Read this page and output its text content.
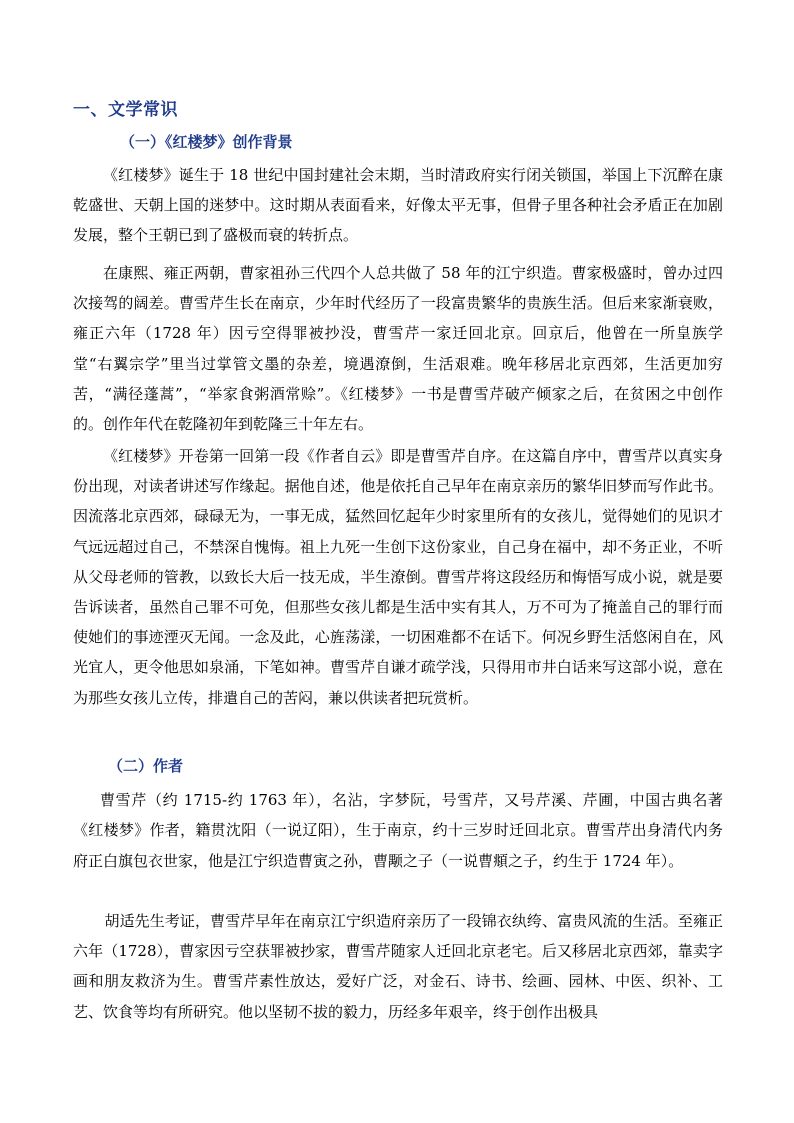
一、文学常识
（一）《红楼梦》创作背景

《红楼梦》诞生于 18 世纪中国封建社会末期，当时清政府实行闭关锁国，举国上下沉醉在康乾盛世、天朝上国的迷梦中。这时期从表面看来，好像太平无事，但骨子里各种社会矛盾正在加剧发展，整个王朝已到了盛极而衰的转折点。

在康熙、雍正两朝，曹家祖孙三代四个人总共做了 58 年的江宁织造。曹家极盛时，曾办过四次接驾的阔差。曹雪芹生长在南京，少年时代经历了一段富贵繁华的贵族生活。但后来家渐衰败，雍正六年（1728 年）因亏空得罪被抄没，曹雪芹一家迁回北京。回京后，他曾在一所皇族学堂“右翼宗学”里当过掌管文墨的杂差，境遇潦倒，生活艰难。晚年移居北京西郊，生活更加穷苦，“满径蓬蒿”，“举家食粥酒常赊”。《红楼梦》一书是曹雪芹破产倾家之后，在贫困之中创作的。创作年代在乾隆初年到乾隆三十年左右。

《红楼梦》开卷第一回第一段《作者自云》即是曹雪芹自序。在这篇自序中，曹雪芹以真实身份出现，对读者讲述写作缘起。据他自述，他是依托自己早年在南京亲历的繁华旧梦而写作此书。因流落北京西郊，碌碌无为，一事无成，猛然回忆起年少时家里所有的女孩儿，觉得她们的见识才气远远超过自己，不禁深自愧悔。祖上九死一生创下这份家业，自己身在福中，却不务正业，不听从父母老师的管教，以致长大后一技无成，半生潦倒。曹雪芹将这段经历和悔悟写成小说，就是要告诉读者，虽然自己罪不可免，但那些女孩儿都是生活中实有其人，万不可为了掩盖自己的罪行而使她们的事迹湮灭无闻。一念及此，心旌荡漾，一切困难都不在话下。何况乡野生活悠闲自在，风光宜人，更令他思如泉涌，下笔如神。曹雪芹自谦才疏学浅，只得用市井白话来写这部小说，意在为那些女孩儿立传，排遣自己的苦闷，兼以供读者把玩赏析。

（二）作者

曹雪芹（约 1715-约 1763 年），名沾，字梦阮，号雪芹，又号芹溪、芹圃，中国古典名著《红楼梦》作者，籍贯沈阳（一说辽阳），生于南京，约十三岁时迁回北京。曹雪芹出身清代内务府正白旗包衣世家，他是江宁织造曹寅之孙，曹颙之子（一说曹頫之子，约生于 1724 年）。

胡适先生考证，曹雪芹早年在南京江宁织造府亲历了一段锦衣纨绔、富贵风流的生活。至雍正六年（1728），曹家因亏空获罪被抄家，曹雪芹随家人迁回北京老宅。后又移居北京西郊，靠卖字画和朋友救济为生。曹雪芹素性放达，爱好广泛，对金石、诗书、绘画、园林、中医、织补、工艺、饮食等均有所研究。他以坚韧不拔的毅力，历经多年艰辛，终于创作出极具
